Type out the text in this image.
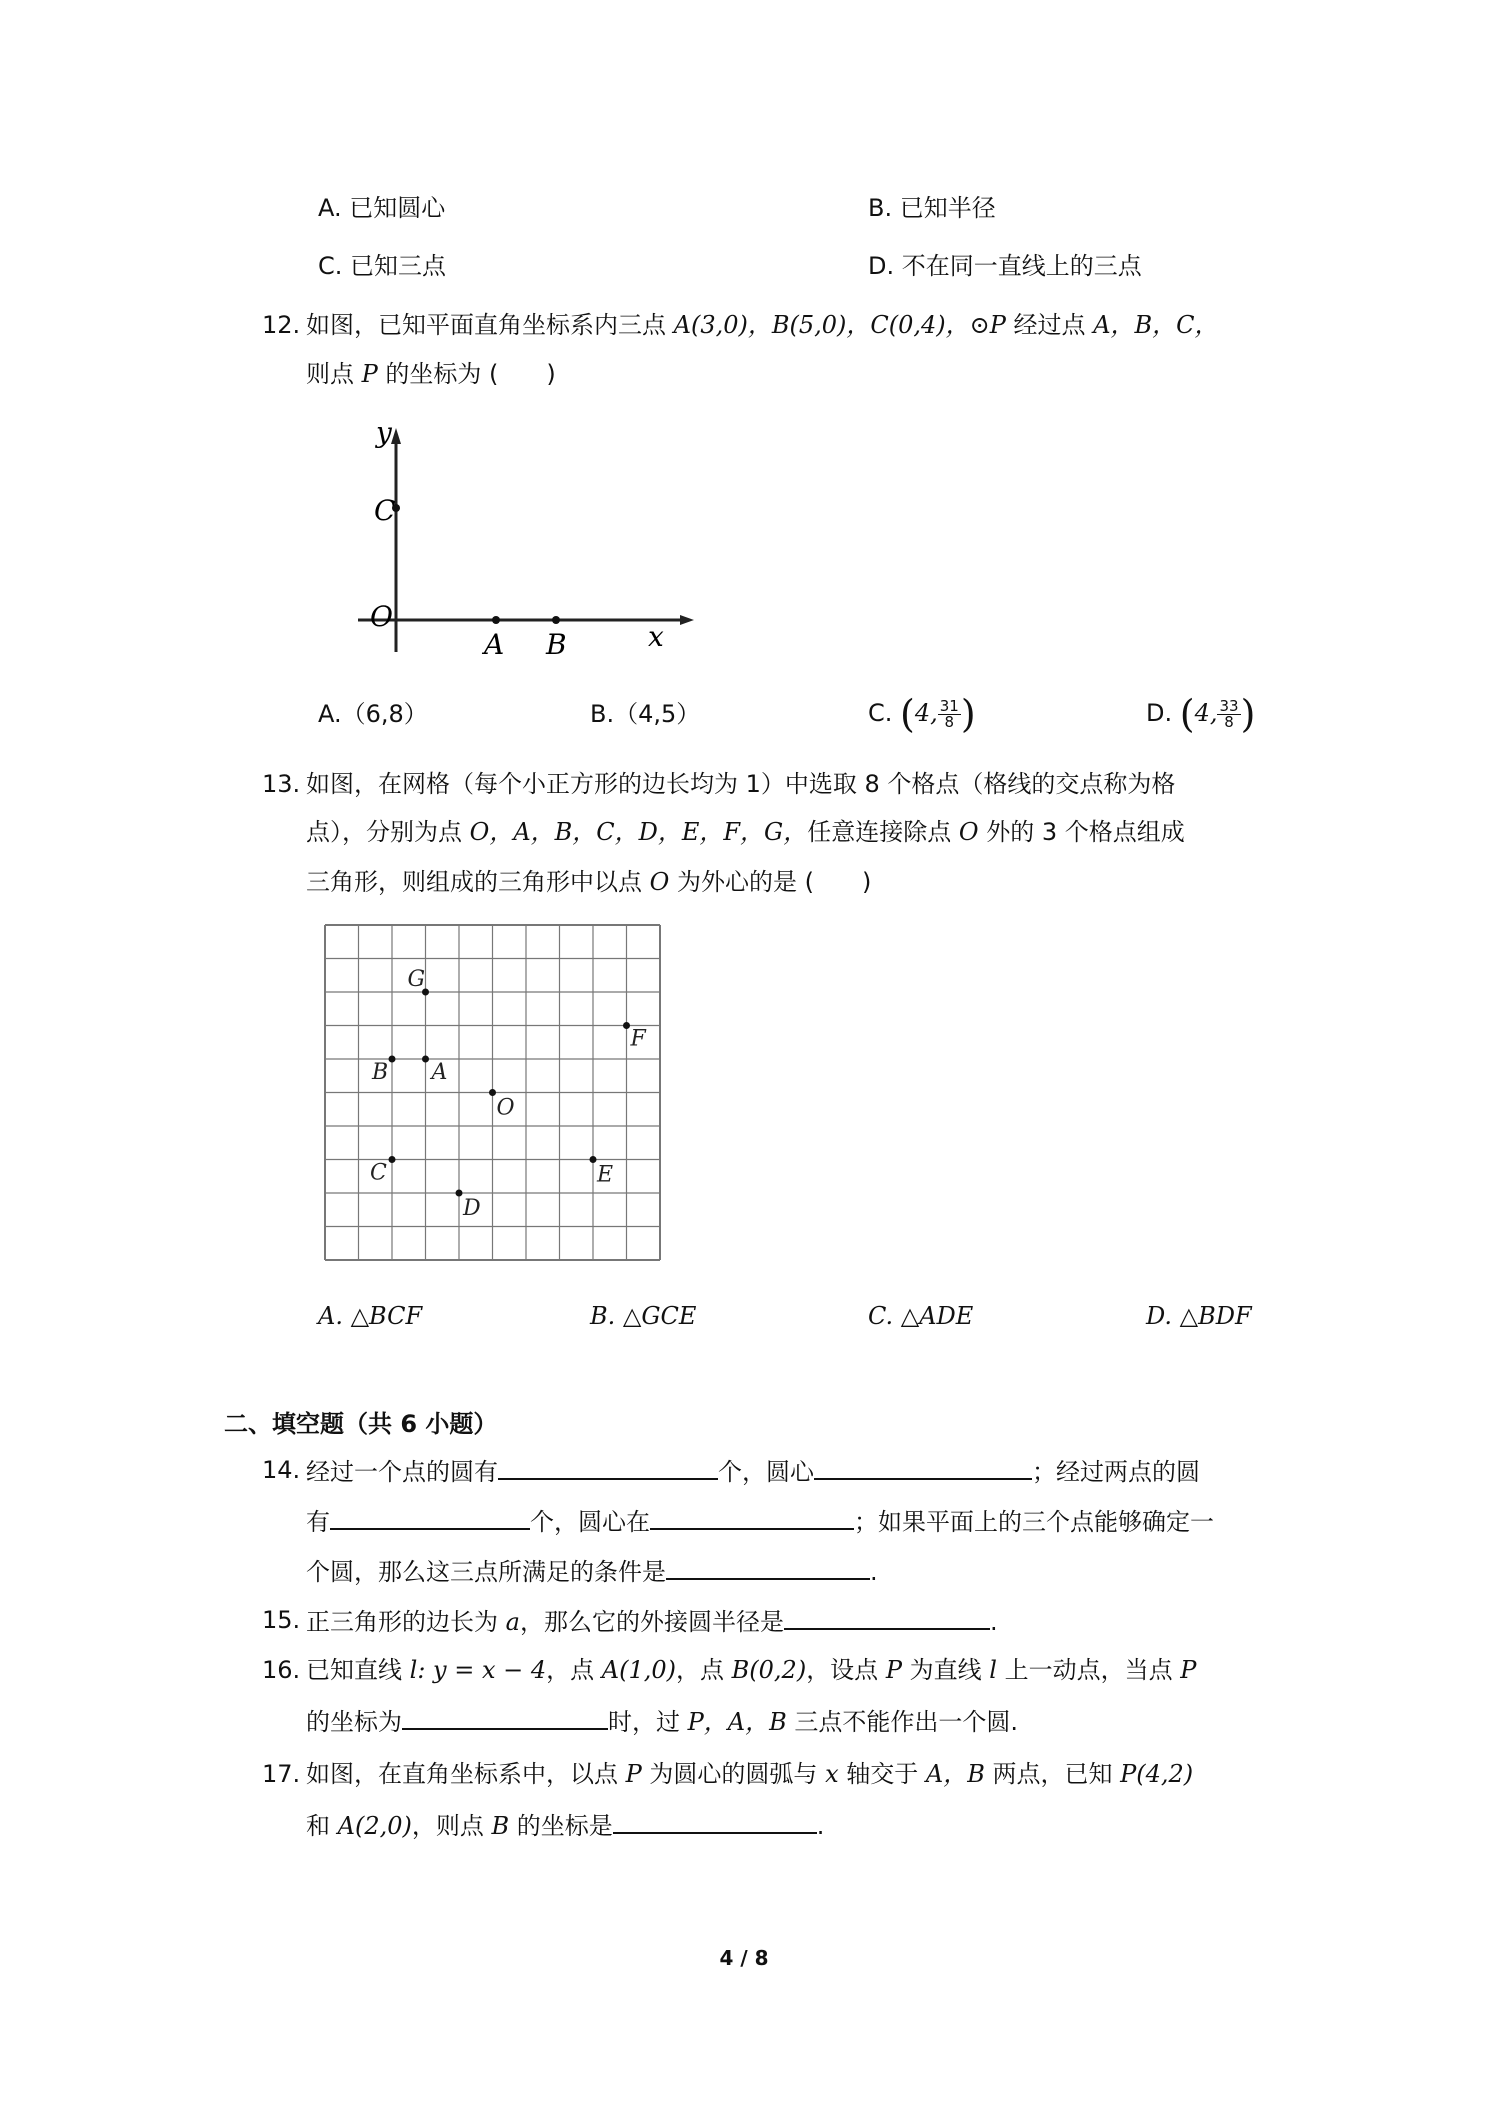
A. 已知圆心	B. 已知半径
C. 已知三点	D. 不在同一直线上的三点
12. 如图，已知平面直角坐标系内三点 A(3,0)，B(5,0)，C(0,4)，⊙P 经过点 A，B，C，
则点 P 的坐标为 (　　)
y
C
O
A B	x
A.（6,8）	B.（4,5）	C. (4, $\frac{31}{8}$ )	D. (4, $\frac{33}{8}$ )
13. 如图，在网格（每个小正方形的边长均为 1）中选取 8 个格点（格线的交点称为格
点），分别为点 O，A，B，C，D，E，F，G，任意连接除点 O 外的 3 个格点组成
三角形，则组成的三角形中以点 O 为外心的是 (　　)
G
F
B A
O
C	E
D
A. △BCF	B. △GCE	C. △ADE	D. △BDF
二、填空题（共 6 小题）
14. 经过一个点的圆有	个，圆心	；经过两点的圆
有	个，圆心在	；如果平面上的三个点能够确定一
个圆，那么这三点所满足的条件是	.
15. 正三角形的边长为 a，那么它的外接圆半径是	.
16. 已知直线 l: y = x − 4，点 A(1,0)，点 B(0,2)，设点 P 为直线 l 上一动点，当点 P
的坐标为	时，过 P，A，B 三点不能作出一个圆.
17. 如图，在直角坐标系中，以点 P 为圆心的圆弧与 x 轴交于 A，B 两点，已知 P(4,2)
和 A(2,0)，则点 B 的坐标是	.
4 / 8
